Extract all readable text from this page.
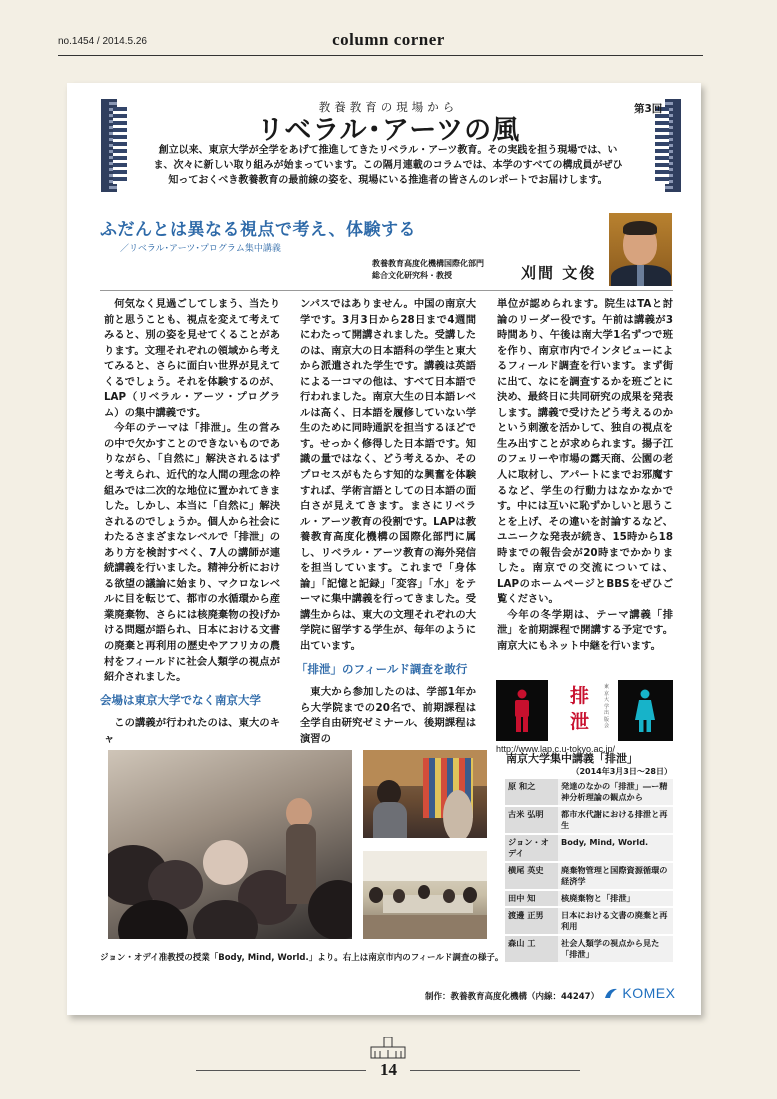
no.1454 / 2014.5.26	column corner
教養教育の現場から
リベラル･アーツの風
第3回
創立以来、東京大学が全学をあげて推進してきたリベラル・アーツ教育。その実践を担う現場では、いま、次々に新しい取り組みが始まっています。この隔月連載のコラムでは、本学のすべての構成員がぜひ知っておくべき教養教育の最前線の姿を、現場にいる推進者の皆さんのレポートでお届けします。
ふだんとは異なる視点で考え、体験する
／リベラル･アーツ･プログラム集中講義
教養教育高度化機構国際化部門
総合文化研究科・教授	刈間 文俊

何気なく見過ごしてしまう、当たり前と思うことも、視点を変えて考えてみると、別の姿を見せてくることがあります。文理それぞれの領域から考えてみると、さらに面白い世界が見えてくるでしょう。それを体験するのが、LAP（リベラル・アーツ・プログラム）の集中講義です。

今年のテーマは「排泄」。生の営みの中で欠かすことのできないものでありながら、「自然に」解決されるはずと考えられ、近代的な人間の理念の枠組みでは二次的な地位に置かれてきました。しかし、本当に「自然に」解決されるのでしょうか。個人から社会にわたるさまざまなレベルで「排泄」のあり方を検討すべく、7人の講師が連続講義を行いました。精神分析における欲望の議論に始まり、マクロなレベルに目を転じて、都市の水循環から産業廃棄物、さらには核廃棄物の投げかける問題が語られ、日本における文書の廃棄と再利用の歴史やアフリカの農村をフィールドに社会人類学の視点が紹介されました。

会場は東京大学でなく南京大学

この講義が行われたのは、東大のキャ

ンパスではありません。中国の南京大学です。3月3日から28日まで4週間にわたって開講されました。受講したのは、南京大の日本語科の学生と東大から派遣された学生です。講義は英語による一コマの他は、すべて日本語で行われました。南京大生の日本語レベルは高く、日本語を履修していない学生のために同時通訳を担当するほどです。せっかく修得した日本語です。知識の量ではなく、どう考えるか、そのプロセスがもたらす知的な興奮を体験すれば、学術言語としての日本語の面白さが見えてきます。まさにリベラル・アーツ教育の役割です。LAPは教養教育高度化機構の国際化部門に属し、リベラル・アーツ教育の海外発信を担当しています。これまで「身体論」「記憶と記録」「変容」「水」をテーマに集中講義を行ってきました。受講生からは、東大の文理それぞれの大学院に留学する学生が、毎年のように出ています。

「排泄」のフィールド調査を敢行

東大から参加したのは、学部1年から大学院までの20名で、前期課程は全学自由研究ゼミナール、後期課程は演習の

単位が認められます。院生はTAと討論のリーダー役です。午前は講義が3時間あり、午後は南大学1名ずつで班を作り、南京市内でインタビューによるフィールド調査を行います。まず街に出て、なにを調査するかを班ごとに決め、最終日に共同研究の成果を発表します。講義で受けたどう考えるのかという刺激を活かして、独自の視点を生み出すことが求められます。揚子江のフェリーや市場の露天商、公園の老人に取材し、アパートにまでお邪魔するなど、学生の行動力はなかなかです。中には互いに恥ずかしいと思うことを上げ、その違いを討論するなど、ユニークな発表が続き、15時から18時までの報告会が20時までかかりました。南京での交流については、LAPのホームページとBBSをぜひご覧ください。

今年の冬学期は、テーマ講義「排泄」を前期課程で開講する予定です。南京大にもネット中継を行います。

排泄
東京大学出版会
http://www.lap.c.u-tokyo.ac.jp/
ジョン・オデイ准教授の授業「Body, Mind, World.」より。右上は南京市内のフィールド調査の様子。
南京大学集中講義「排泄」
（2014年3月3日～28日）
原 和之	発達のなかの「排泄」―ー精神分析理論の観点から
古米 弘明	都市水代謝における排泄と再生
ジョン・オデイ	Body, Mind, World.
横尾 英史	廃棄物管理と国際資源循環の経済学
田中 知	核廃棄物と「排泄」
渡邊 正男	日本における文書の廃棄と再利用
森山 工	社会人類学の視点から見た「排泄」
制作：教養教育高度化機構（内線：44247）	KOMEX
14
